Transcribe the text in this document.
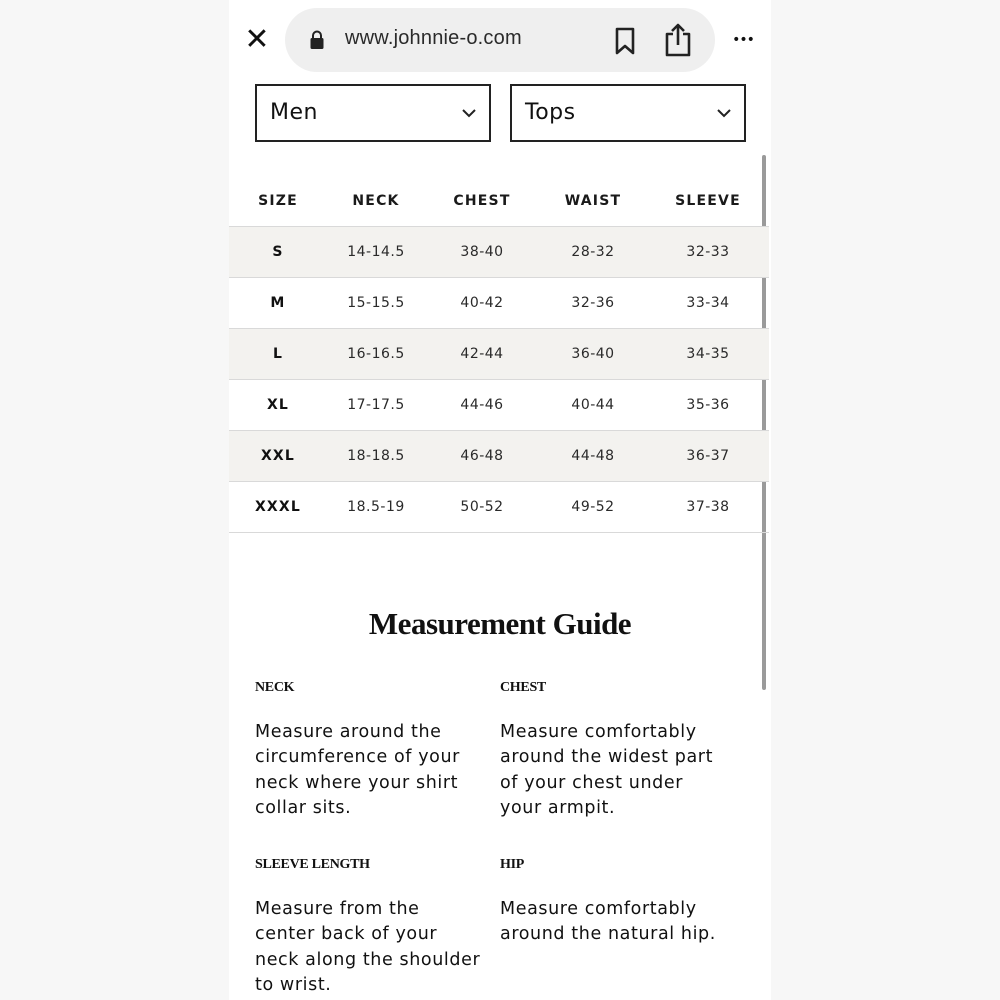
✕	www.johnnie-o.com	•••
Men	Tops
SIZE	NECK	CHEST	WAIST	SLEEVE
S	14-14.5	38-40	28-32	32-33
M	15-15.5	40-42	32-36	33-34
L	16-16.5	42-44	36-40	34-35
XL	17-17.5	44-46	40-44	35-36
XXL	18-18.5	46-48	44-48	36-37
XXXL	18.5-19	50-52	49-52	37-38
Measurement Guide
NECK
Measure around the circumference of your neck where your shirt collar sits.
CHEST
Measure comfortably around the widest part of your chest under your armpit.
SLEEVE LENGTH
Measure from the center back of your neck along the shoulder to wrist.
HIP
Measure comfortably around the natural hip.
